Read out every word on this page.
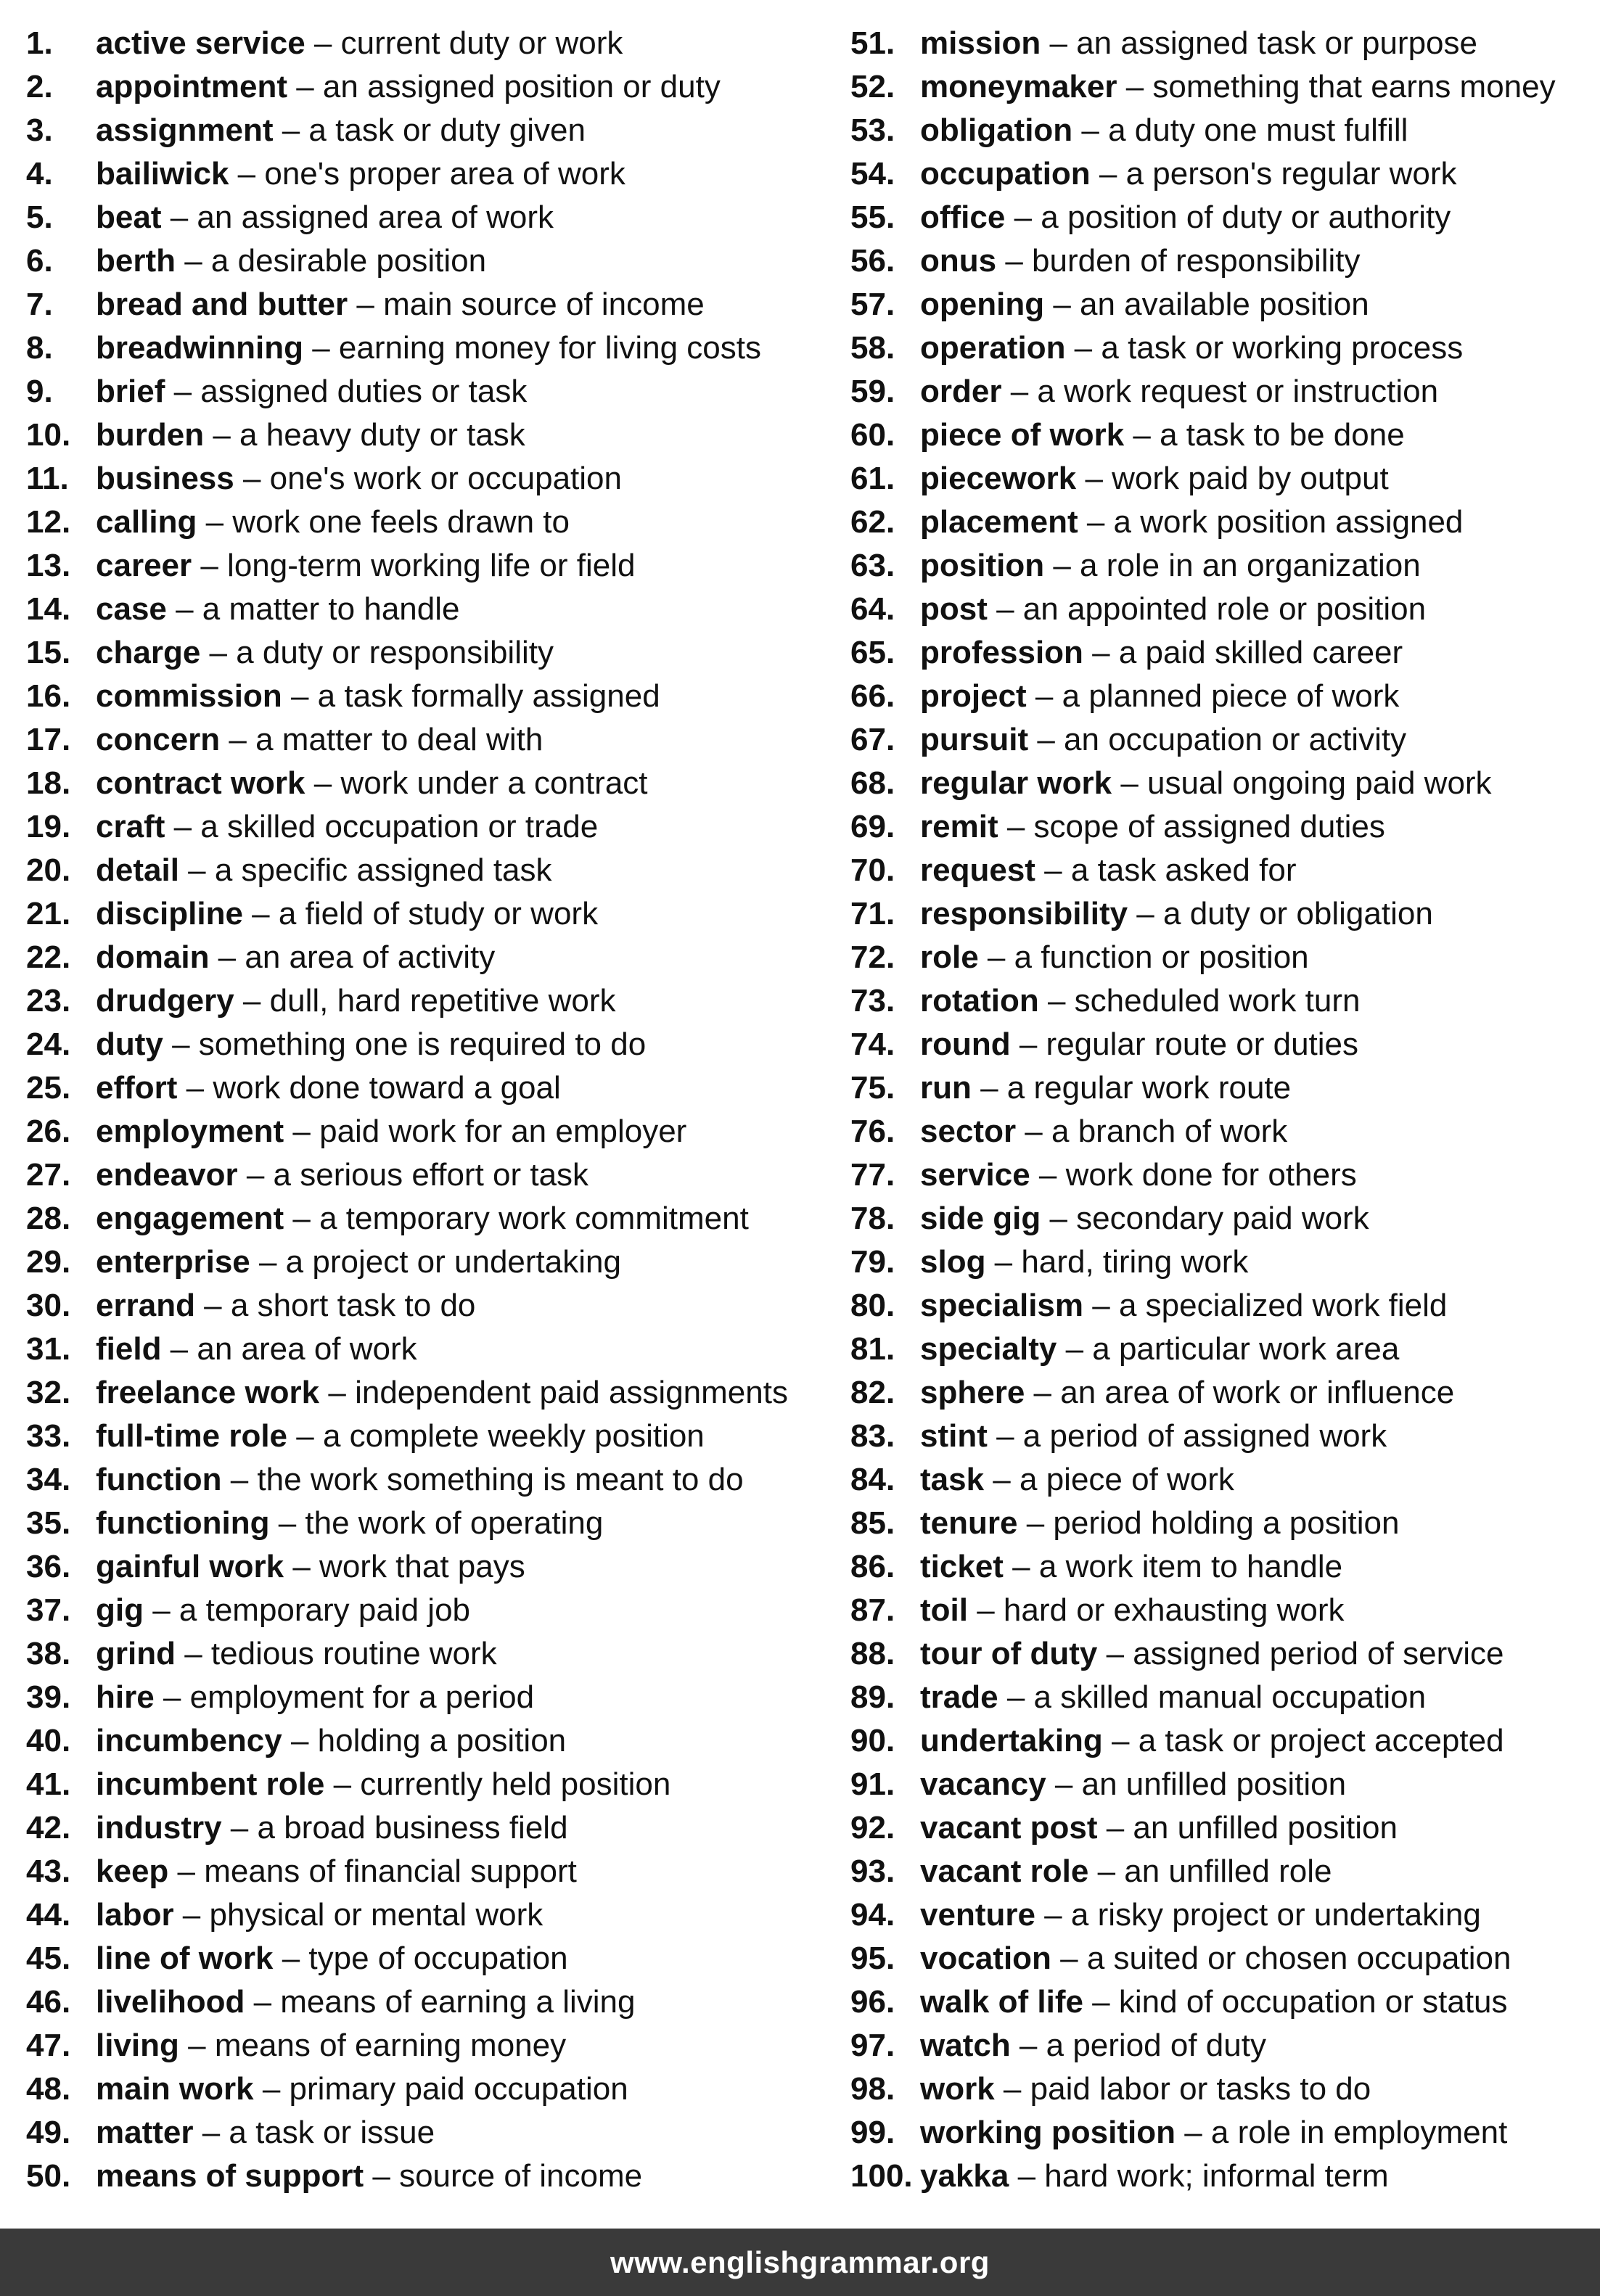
1. active service – current duty or work
2. appointment – an assigned position or duty
3. assignment – a task or duty given
4. bailiwick – one's proper area of work
5. beat – an assigned area of work
6. berth – a desirable position
7. bread and butter – main source of income
8. breadwinning – earning money for living costs
9. brief – assigned duties or task
10. burden – a heavy duty or task
11. business – one's work or occupation
12. calling – work one feels drawn to
13. career – long-term working life or field
14. case – a matter to handle
15. charge – a duty or responsibility
16. commission – a task formally assigned
17. concern – a matter to deal with
18. contract work – work under a contract
19. craft – a skilled occupation or trade
20. detail – a specific assigned task
21. discipline – a field of study or work
22. domain – an area of activity
23. drudgery – dull, hard repetitive work
24. duty – something one is required to do
25. effort – work done toward a goal
26. employment – paid work for an employer
27. endeavor – a serious effort or task
28. engagement – a temporary work commitment
29. enterprise – a project or undertaking
30. errand – a short task to do
31. field – an area of work
32. freelance work – independent paid assignments
33. full-time role – a complete weekly position
34. function – the work something is meant to do
35. functioning – the work of operating
36. gainful work – work that pays
37. gig – a temporary paid job
38. grind – tedious routine work
39. hire – employment for a period
40. incumbency – holding a position
41. incumbent role – currently held position
42. industry – a broad business field
43. keep – means of financial support
44. labor – physical or mental work
45. line of work – type of occupation
46. livelihood – means of earning a living
47. living – means of earning money
48. main work – primary paid occupation
49. matter – a task or issue
50. means of support – source of income
51. mission – an assigned task or purpose
52. moneymaker – something that earns money
53. obligation – a duty one must fulfill
54. occupation – a person's regular work
55. office – a position of duty or authority
56. onus – burden of responsibility
57. opening – an available position
58. operation – a task or working process
59. order – a work request or instruction
60. piece of work – a task to be done
61. piecework – work paid by output
62. placement – a work position assigned
63. position – a role in an organization
64. post – an appointed role or position
65. profession – a paid skilled career
66. project – a planned piece of work
67. pursuit – an occupation or activity
68. regular work – usual ongoing paid work
69. remit – scope of assigned duties
70. request – a task asked for
71. responsibility – a duty or obligation
72. role – a function or position
73. rotation – scheduled work turn
74. round – regular route or duties
75. run – a regular work route
76. sector – a branch of work
77. service – work done for others
78. side gig – secondary paid work
79. slog – hard, tiring work
80. specialism – a specialized work field
81. specialty – a particular work area
82. sphere – an area of work or influence
83. stint – a period of assigned work
84. task – a piece of work
85. tenure – period holding a position
86. ticket – a work item to handle
87. toil – hard or exhausting work
88. tour of duty – assigned period of service
89. trade – a skilled manual occupation
90. undertaking – a task or project accepted
91. vacancy – an unfilled position
92. vacant post – an unfilled position
93. vacant role – an unfilled role
94. venture – a risky project or undertaking
95. vocation – a suited or chosen occupation
96. walk of life – kind of occupation or status
97. watch – a period of duty
98. work – paid labor or tasks to do
99. working position – a role in employment
100. yakka – hard work; informal term
www.englishgrammar.org
